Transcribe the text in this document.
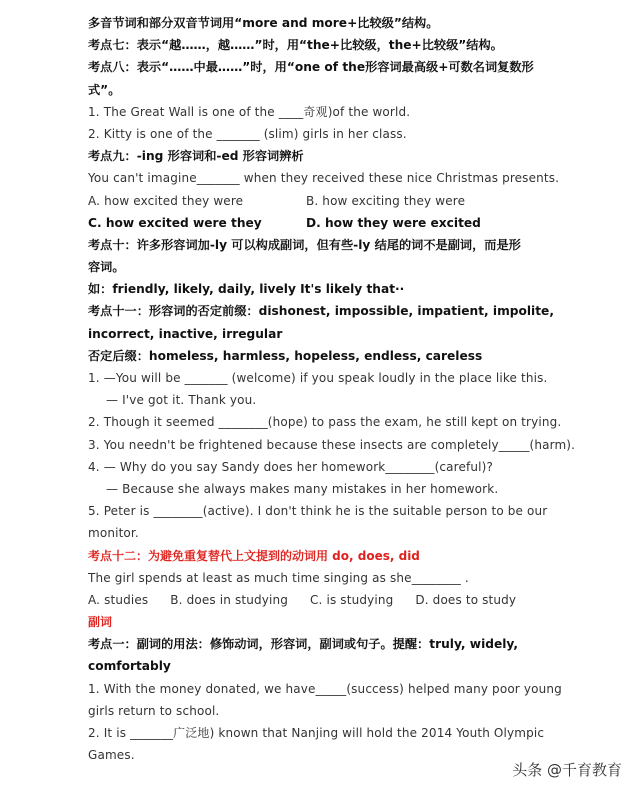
多音节词和部分双音节词用“more and more+比较级”结构。
考点七：表示“越……，越……”时，用“the+比较级，the+比较级”结构。
考点八：表示“……中最……”时，用“one of the形容词最高级+可数名词复数形
式”。
1. The Great Wall is one of the ____奇观)of the world.
2. Kitty is one of the _______ (slim) girls in her class.
考点九：-ing 形容词和-ed 形容词辨析
You can't imagine_______ when they received these nice Christmas presents.
A. how excited they were	B. how exciting they were
C. how excited were they	D. how they were excited
考点十：许多形容词加-ly 可以构成副词，但有些-ly 结尾的词不是副词，而是形
容词。
如：friendly, likely, daily, lively It's likely that··
考点十一：形容词的否定前缀：dishonest, impossible, impatient, impolite,
incorrect, inactive, irregular
否定后缀：homeless, harmless, hopeless, endless, careless
1. —You will be _______ (welcome) if you speak loudly in the place like this.
— I've got it. Thank you.
2. Though it seemed ________(hope) to pass the exam, he still kept on trying.
3. You needn't be frightened because these insects are completely_____(harm).
4. — Why do you say Sandy does her homework________(careful)?
— Because she always makes many mistakes in her homework.
5. Peter is ________(active). I don't think he is the suitable person to be our
monitor.
考点十二：为避免重复替代上文提到的动词用 do, does, did
The girl spends at least as much time singing as she________ .
A. studies B. does in studying C. is studying D. does to study
副词
考点一：副词的用法：修饰动词，形容词，副词或句子。提醒：truly, widely,
comfortably
1. With the money donated, we have_____(success) helped many poor young
girls return to school.
2. It is _______广泛地) known that Nanjing will hold the 2014 Youth Olympic
Games.
头条 @千育教育
